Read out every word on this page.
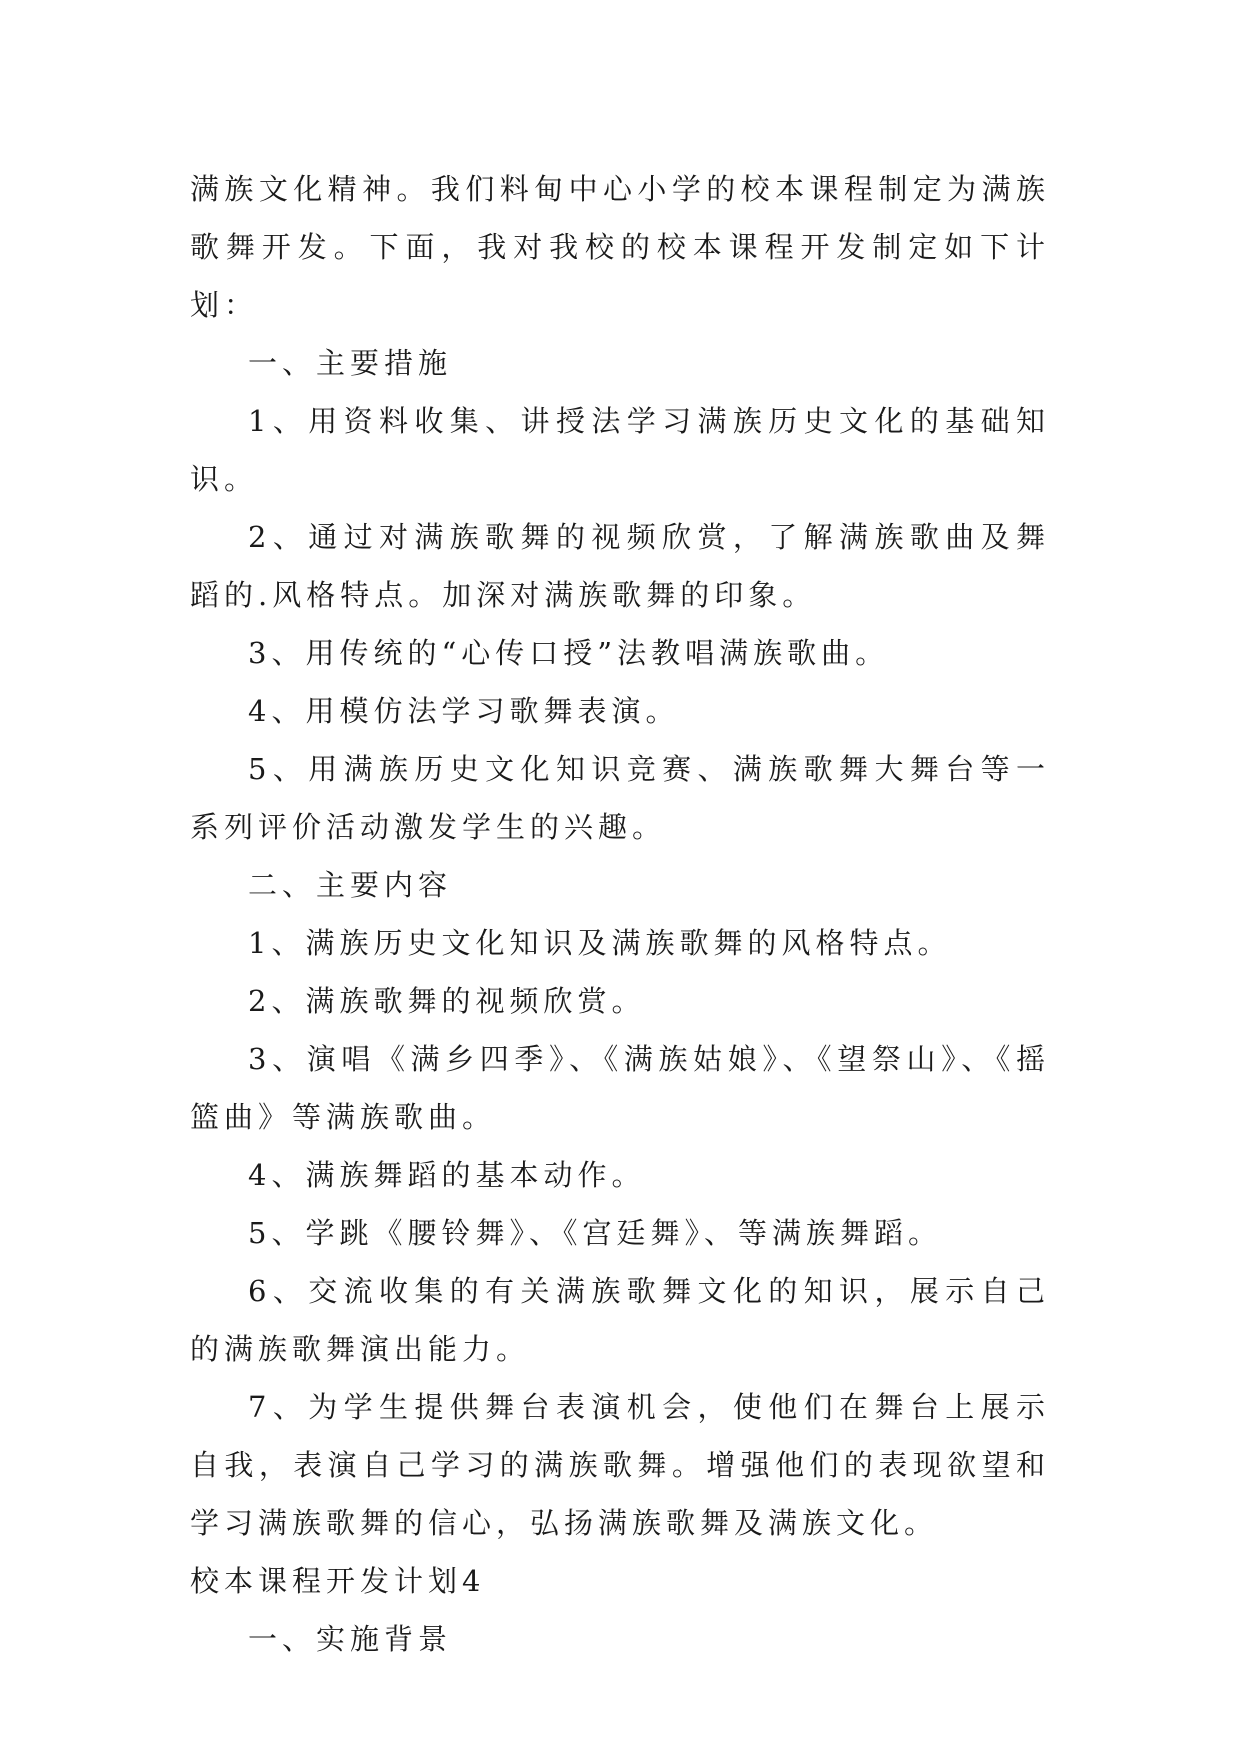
满族文化精神。我们料甸中心小学的校本课程制定为满族歌舞开发。下面，我对我校的校本课程开发制定如下计划：

一、主要措施

1、用资料收集、讲授法学习满族历史文化的基础知识。

2、通过对满族歌舞的视频欣赏，了解满族歌曲及舞蹈的.风格特点。加深对满族歌舞的印象。

3、用传统的“心传口授”法教唱满族歌曲。

4、用模仿法学习歌舞表演。

5、用满族历史文化知识竞赛、满族歌舞大舞台等一系列评价活动激发学生的兴趣。

二、主要内容

1、满族历史文化知识及满族歌舞的风格特点。

2、满族歌舞的视频欣赏。

3、演唱《满乡四季》、《满族姑娘》、《望祭山》、《摇篮曲》等满族歌曲。

4、满族舞蹈的基本动作。

5、学跳《腰铃舞》、《宫廷舞》、等满族舞蹈。

6、交流收集的有关满族歌舞文化的知识，展示自己的满族歌舞演出能力。

7、为学生提供舞台表演机会，使他们在舞台上展示自我，表演自己学习的满族歌舞。增强他们的表现欲望和学习满族歌舞的信心，弘扬满族歌舞及满族文化。

校本课程开发计划4

一、实施背景
